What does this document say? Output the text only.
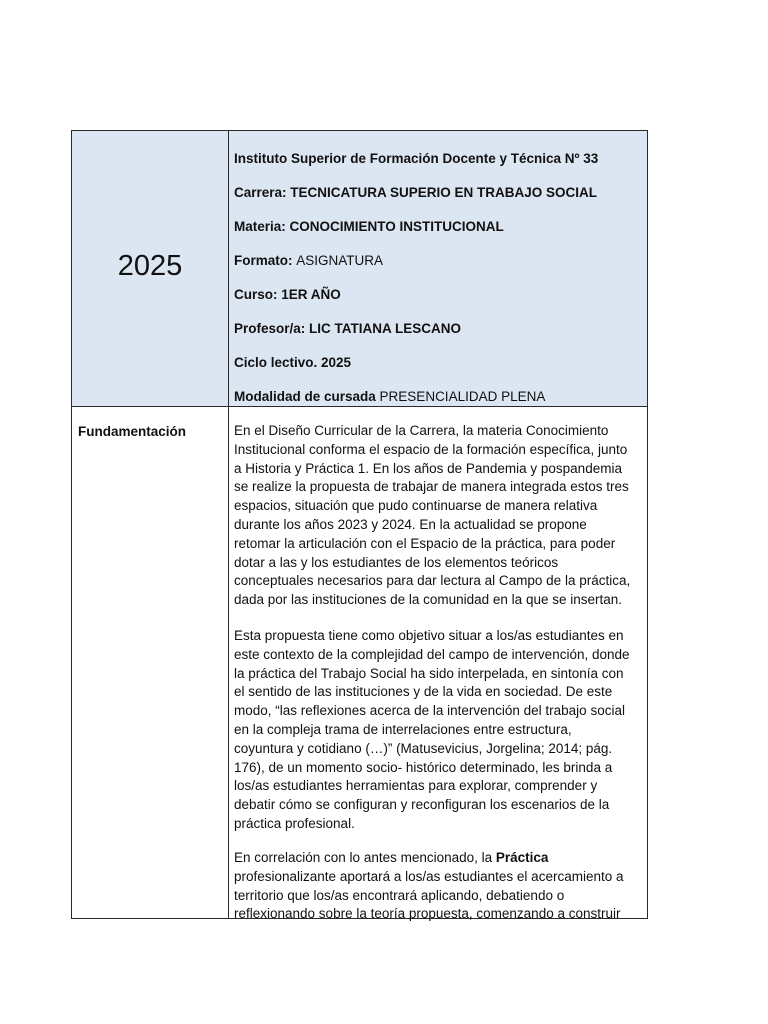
2025
Instituto Superior de Formación Docente y Técnica Nº 33
Carrera: TECNICATURA SUPERIO EN TRABAJO SOCIAL
Materia: CONOCIMIENTO INSTITUCIONAL
Formato: ASIGNATURA
Curso: 1ER AÑO
Profesor/a: LIC TATIANA LESCANO
Ciclo lectivo. 2025
Modalidad de cursada PRESENCIALIDAD PLENA
Fundamentación	En el Diseño Curricular de la Carrera, la materia Conocimiento
Institucional conforma el espacio de la formación específica, junto
a Historia y Práctica 1. En los años de Pandemia y pospandemia
se realize la propuesta de trabajar de manera integrada estos tres
espacios, situación que pudo continuarse de manera relativa
durante los años 2023 y 2024. En la actualidad se propone
retomar la articulación con el Espacio de la práctica, para poder
dotar a las y los estudiantes de los elementos teóricos
conceptuales necesarios para dar lectura al Campo de la práctica,
dada por las instituciones de la comunidad en la que se insertan.

Esta propuesta tiene como objetivo situar a los/as estudiantes en
este contexto de la complejidad del campo de intervención, donde
la práctica del Trabajo Social ha sido interpelada, en sintonía con
el sentido de las instituciones y de la vida en sociedad. De este
modo, “las reflexiones acerca de la intervención del trabajo social
en la compleja trama de interrelaciones entre estructura,
coyuntura y cotidiano (…)” (Matusevicius, Jorgelina; 2014; pág.
176), de un momento socio- histórico determinado, les brinda a
los/as estudiantes herramientas para explorar, comprender y
debatir cómo se configuran y reconfiguran los escenarios de la
práctica profesional.

En correlación con lo antes mencionado, la Práctica
profesionalizante aportará a los/as estudiantes el acercamiento a
territorio que los/as encontrará aplicando, debatiendo o
reflexionando sobre la teoría propuesta, comenzando a construir
